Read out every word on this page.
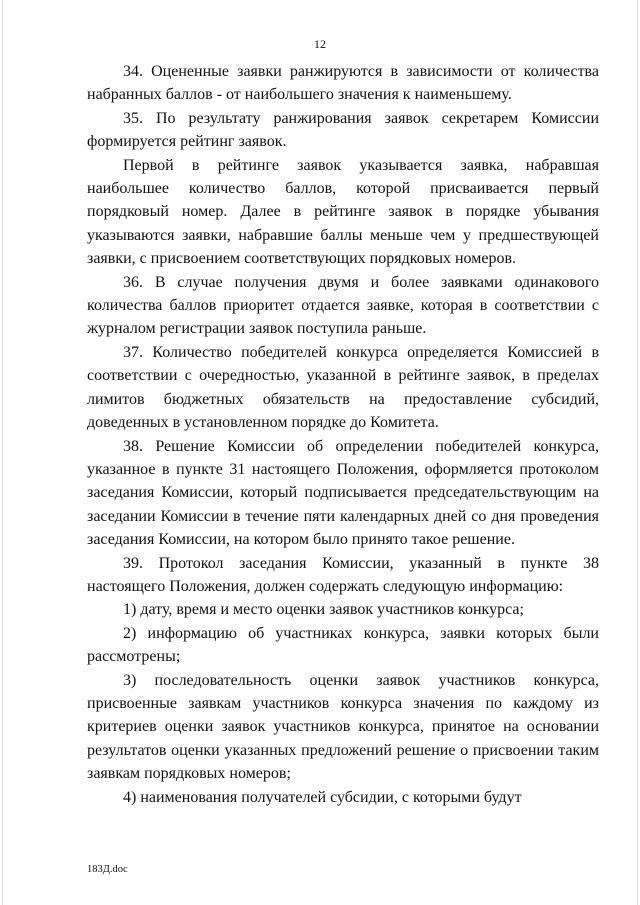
12

34. Оцененные заявки ранжируются в зависимости от количества набранных баллов - от наибольшего значения к наименьшему.

35. По результату ранжирования заявок секретарем Комиссии формируется рейтинг заявок.

Первой в рейтинге заявок указывается заявка, набравшая наибольшее количество баллов, которой присваивается первый порядковый номер. Далее в рейтинге заявок в порядке убывания указываются заявки, набравшие баллы меньше чем у предшествующей заявки, с присвоением соответствующих порядковых номеров.

36. В случае получения двумя и более заявками одинакового количества баллов приоритет отдается заявке, которая в соответствии с журналом регистрации заявок поступила раньше.

37. Количество победителей конкурса определяется Комиссией в соответствии с очередностью, указанной в рейтинге заявок, в пределах лимитов бюджетных обязательств на предоставление субсидий, доведенных в установленном порядке до Комитета.

38. Решение Комиссии об определении победителей конкурса, указанное в пункте 31 настоящего Положения, оформляется протоколом заседания Комиссии, который подписывается председательствующим на заседании Комиссии в течение пяти календарных дней со дня проведения заседания Комиссии, на котором было принято такое решение.

39. Протокол заседания Комиссии, указанный в пункте 38 настоящего Положения, должен содержать следующую информацию:

1) дату, время и место оценки заявок участников конкурса;

2) информацию об участниках конкурса, заявки которых были рассмотрены;

3) последовательность оценки заявок участников конкурса, присвоенные заявкам участников конкурса значения по каждому из критериев оценки заявок участников конкурса, принятое на основании результатов оценки указанных предложений решение о присвоении таким заявкам порядковых номеров;

4) наименования получателей субсидии, с которыми будут

183Д.doc
